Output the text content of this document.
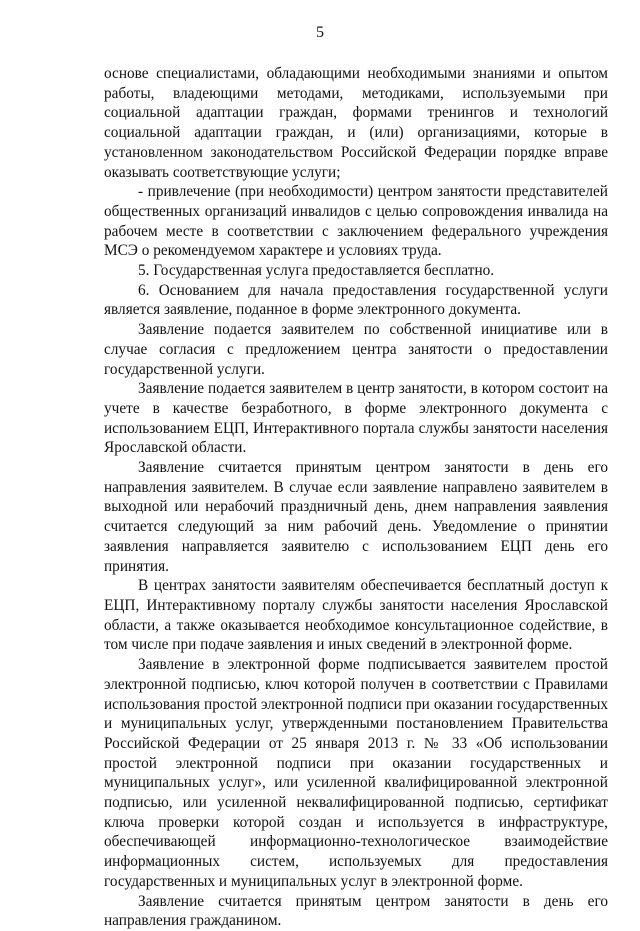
5

основе специалистами, обладающими необходимыми знаниями и опытом работы, владеющими методами, методиками, используемыми при социальной адаптации граждан, формами тренингов и технологий социальной адаптации граждан, и (или) организациями, которые в установленном законодательством Российской Федерации порядке вправе оказывать соответствующие услуги;

- привлечение (при необходимости) центром занятости представителей общественных организаций инвалидов с целью сопровождения инвалида на рабочем месте в соответствии с заключением федерального учреждения МСЭ о рекомендуемом характере и условиях труда.

5. Государственная услуга предоставляется бесплатно.

6. Основанием для начала предоставления государственной услуги является заявление, поданное в форме электронного документа.

Заявление подается заявителем по собственной инициативе или в случае согласия с предложением центра занятости о предоставлении государственной услуги.

Заявление подается заявителем в центр занятости, в котором состоит на учете в качестве безработного, в форме электронного документа с использованием ЕЦП, Интерактивного портала службы занятости населения Ярославской области.

Заявление считается принятым центром занятости в день его направления заявителем. В случае если заявление направлено заявителем в выходной или нерабочий праздничный день, днем направления заявления считается следующий за ним рабочий день. Уведомление о принятии заявления направляется заявителю с использованием ЕЦП день его принятия.

В центрах занятости заявителям обеспечивается бесплатный доступ к ЕЦП, Интерактивному порталу службы занятости населения Ярославской области, а также оказывается необходимое консультационное содействие, в том числе при подаче заявления и иных сведений в электронной форме.

Заявление в электронной форме подписывается заявителем простой электронной подписью, ключ которой получен в соответствии с Правилами использования простой электронной подписи при оказании государственных и муниципальных услуг, утвержденными постановлением Правительства Российской Федерации от 25 января 2013 г. № 33 «Об использовании простой электронной подписи при оказании государственных и муниципальных услуг», или усиленной квалифицированной электронной подписью, или усиленной неквалифицированной подписью, сертификат ключа проверки которой создан и используется в инфраструктуре, обеспечивающей информационно-технологическое взаимодействие информационных систем, используемых для предоставления государственных и муниципальных услуг в электронной форме.

Заявление считается принятым центром занятости в день его направления гражданином.
